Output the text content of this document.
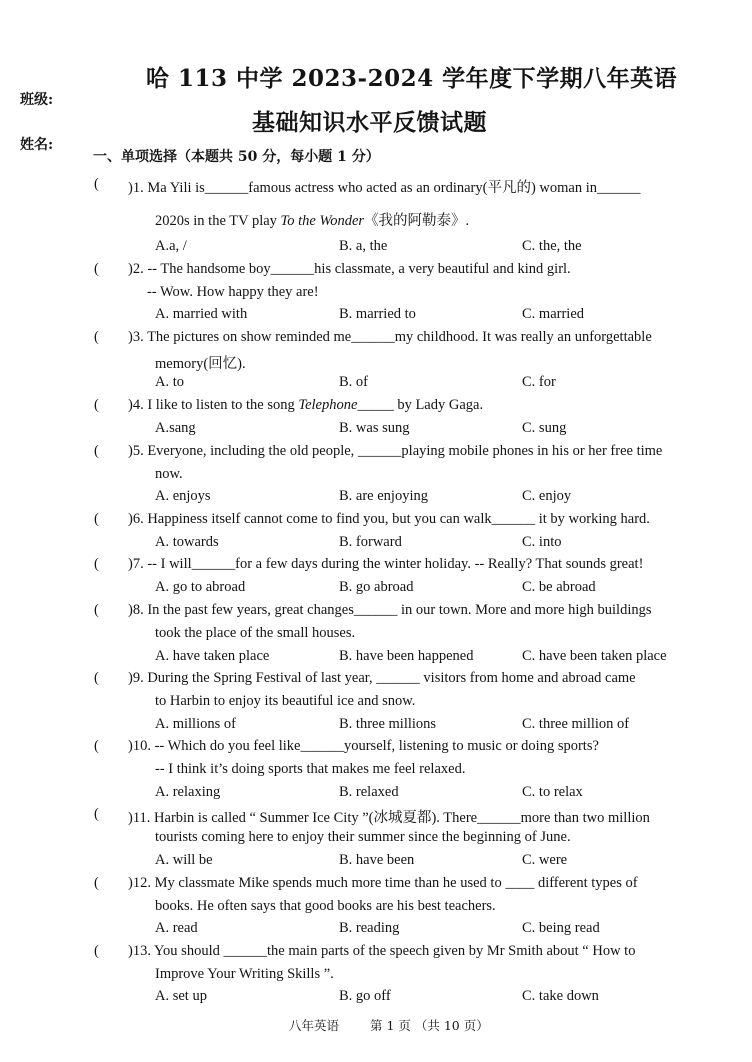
哈 113 中学 2023-2024 学年度下学期八年英语
基础知识水平反馈试题
班级:
姓名:
一、单项选择（本题共 50 分，每小题 1 分）
( )1. Ma Yili is______famous actress who acted as an ordinary(平凡的) woman in______
2020s in the TV play To the Wonder《我的阿勒泰》.
A.a, /	B. a, the	C. the, the
( )2. -- The handsome boy______his classmate, a very beautiful and kind girl.
-- Wow. How happy they are!
A. married with	B. married to	C. married
( )3. The pictures on show reminded me______my childhood. It was really an unforgettable
memory(回忆).
A. to	B. of	C. for
( )4. I like to listen to the song Telephone_____ by Lady Gaga.
A.sang	B. was sung	C. sung
( )5. Everyone, including the old people, ______playing mobile phones in his or her free time
now.
A. enjoys	B. are enjoying	C. enjoy
( )6. Happiness itself cannot come to find you, but you can walk______ it by working hard.
A. towards	B. forward	C. into
( )7. -- I will______for a few days during the winter holiday. -- Really? That sounds great!
A. go to abroad	B. go abroad	C. be abroad
( )8. In the past few years, great changes______ in our town. More and more high buildings
took the place of the small houses.
A. have taken place	B. have been happened	C. have been taken place
( )9. During the Spring Festival of last year, ______ visitors from home and abroad came
to Harbin to enjoy its beautiful ice and snow.
A. millions of	B. three millions	C. three million of
( )10. -- Which do you feel like______yourself, listening to music or doing sports?
-- I think it’s doing sports that makes me feel relaxed.
A. relaxing	B. relaxed	C. to relax
( )11. Harbin is called “ Summer Ice City ”(冰城夏都). There______more than two million
tourists coming here to enjoy their summer since the beginning of June.
A. will be	B. have been	C. were
( )12. My classmate Mike spends much more time than he used to ____ different types of
books. He often says that good books are his best teachers.
A. read	B. reading	C. being read
( )13. You should ______the main parts of the speech given by Mr Smith about “ How to
Improve Your Writing Skills ”.
A. set up	B. go off	C. take down
八年英语 第 1 页 （共 10 页）
